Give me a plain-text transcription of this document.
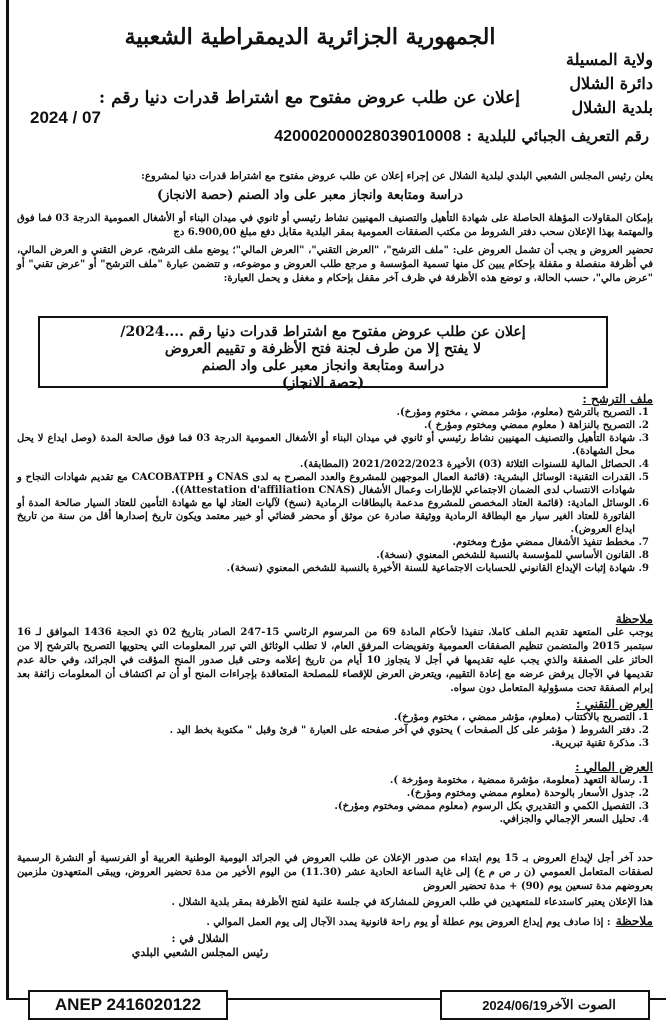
الجمهورية الجزائرية الديمقراطية الشعبية
ولاية المسيلة
دائرة الشلال
بلدية الشلال
إعلان عن طلب عروض مفتوح مع اشتراط قدرات دنيا رقم :
2024 / 07
رقم التعريف الجبائي للبلدية : 420002000028039010008
يعلن رئيس المجلس الشعبي البلدي لبلدية الشلال عن إجراء إعلان عن طلب عروض مفتوح مع اشتراط قدرات دنيا لمشروع:
دراسة ومتابعة وانجاز معبر على واد الصنم (حصة الانجاز)
بإمكان المقاولات المؤهلة الحاصلة على شهادة التأهيل والتصنيف المهنيين نشاط رئيسي أو ثانوي في ميدان البناء أو الأشغال العمومية الدرجة 03 فما فوق والمهتمة بهذا الإعلان سحب دفتر الشروط من مكتب الصفقات العمومية بمقر البلدية مقابل دفع مبلغ 6.900,00 دج
تحضير العروض و يجب أن تشمل العروض على: "ملف الترشح"، "العرض التقني"، "العرض المالي"؛ يوضع ملف الترشح، عرض التقني و العرض المالي، في أظرفة منفصلة و مقفلة بإحكام يبين كل منها تسمية المؤسسة و مرجع طلب العروض و موضوعه، و تتضمن عبارة "ملف الترشح" أو "عرض تقني" أو "عرض مالي"، حسب الحالة، و توضع هذه الأظرفة في ظرف آخر مقفل بإحكام و مغفل و يحمل العبارة:
إعلان عن طلب عروض مفتوح مع اشتراط قدرات دنيا رقم ....2024/
لا يفتح إلا من طرف لجنة فتح الأظرفة و تقييم العروض
دراسة ومتابعة وانجاز معبر على واد الصنم
(حصة الانجاز)
ملف الترشح :
1. التصريح بالترشح (معلوم، مؤشر ممضي ، مختوم ومؤرخ).
2. التصريح بالنزاهة ( معلوم ممضي ومختوم ومؤرخ ).
3. شهادة التأهيل والتصنيف المهنيين نشاط رئيسي أو ثانوي في ميدان البناء أو الأشغال العمومية الدرجة 03 فما فوق صالحة المدة (وصل ايداع لا يحل محل الشهادة).
4. الحصائل المالية للسنوات الثلاثة (03) الأخيرة 2021/2022/2023 (المطابقة).
5. القدرات التقنية: الوسائل البشرية: (قائمة العمال الموجهين للمشروع والعدد المصرح به لدى CNAS و CACOBATPH مع تقديم شهادات النجاح و شهادات الانتساب لدى الضمان الاجتماعي للإطارات وعمال الأشغال (Attestation d'affiliation CNAS)).
6. الوسائل المادية: (قائمة العتاد المخصص للمشروع مدعمة بالبطاقات الرمادية (نسخ) لآليات العتاد لها مع شهادة التأمين للعتاد السيار صالحة المدة أو الفاتورة للعتاد الغير سيار مع البطاقة الرمادية ووثيقة صادرة عن موثق أو محضر قضائي أو خبير معتمد ويكون تاريخ إصدارها أقل من سنة من تاريخ ايداع العروض).
7. مخطط تنفيذ الأشغال ممضي مؤرخ ومختوم.
8. القانون الأساسي للمؤسسة بالنسبة للشخص المعنوي (نسخة).
9. شهادة إثبات الإيداع القانوني للحسابات الاجتماعية للسنة الأخيرة بالنسبة للشخص المعنوي (نسخة).
ملاحظة
يوجب على المتعهد تقديم الملف كاملا، تنفيذا لأحكام المادة 69 من المرسوم الرئاسي 15-247 الصادر بتاريخ 02 ذي الحجة 1436 الموافق لـ 16 سبتمبر 2015 والمتضمن تنظيم الصفقات العمومية وتفويضات المرفق العام، لا تطلب الوثائق التي تبرر المعلومات التي يحتويها التصريح بالترشح إلا من الحائز على الصفقة والذي يجب عليه تقديمها في أجل لا يتجاوز 10 أيام من تاريخ إعلامه وحتى قبل صدور المنح المؤقت في الجرائد، وفي حالة عدم تقديمها في الآجال يرفض عرضه مع إعادة التقييم، ويتعرض العرض للإقصاء للمصلحة المتعاقدة بإجراءات المنح أو أن تم اكتشاف أن المعلومات زائفة بعد إبرام الصفقة تحت مسؤولية المتعامل دون سواه.
العرض التقني :
1. التصريح بالاكتتاب (معلوم، مؤشر ممضي ، مختوم ومؤرخ).
2. دفتر الشروط ( مؤشر على كل الصفحات ) يحتوي في آخر صفحته على العبارة " قرئ وقبل " مكتوبة بخط اليد .
3. مذكرة تقنية تبريرية.
العرض المالي :
1. رسالة التعهد (معلومة، مؤشرة ممضية ، مختومة ومؤرخة ).
2. جدول الأسعار بالوحدة (معلوم ممضي ومختوم ومؤرخ).
3. التفصيل الكمي و التقديري بكل الرسوم (معلوم ممضي ومختوم ومؤرخ).
4. تحليل السعر الإجمالي والجزافي.
حدد آخر أجل لإيداع العروض بـ 15 يوم ابتداء من صدور الإعلان عن طلب العروض في الجرائد اليومية الوطنية العربية أو الفرنسية أو النشرة الرسمية لصفقات المتعامل العمومي (ن ر ص م ع) إلى غاية الساعة الحادية عشر (11.30) من اليوم الأخير من مدة تحضير العروض، ويبقى المتعهدون ملزمين بعروضهم مدة تسعين يوم (90) + مدة تحضير العروض
هذا الإعلان يعتبر كاستدعاء للمتعهدين في طلب العروض للمشاركة في جلسة علنية لفتح الأظرفة بمقر بلدية الشلال .
ملاحظة : إذا صادف يوم إيداع العروض يوم عطلة أو يوم راحة قانونية يمدد الآجال إلى يوم العمل الموالي .
الشلال في :
رئيس المجلس الشعبي البلدي
ANEP 2416020122	الصوت الآخر
2024/06/19
